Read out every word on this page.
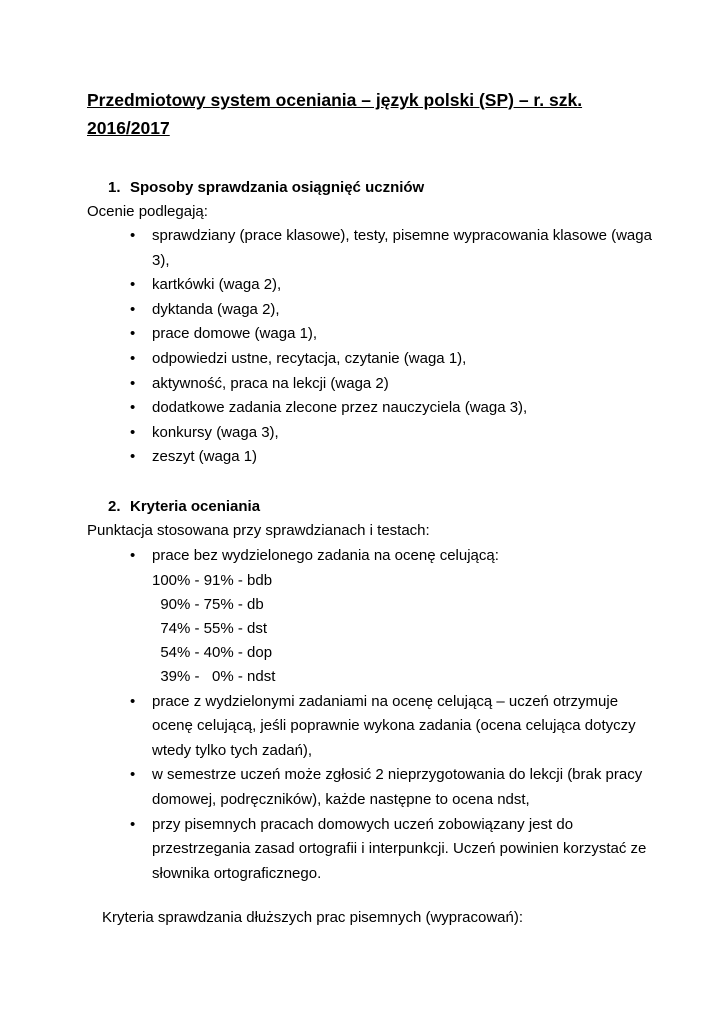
Przedmiotowy system oceniania – język polski (SP) – r. szk. 2016/2017
1. Sposoby sprawdzania osiągnięć uczniów
Ocenie podlegają:
• sprawdziany (prace klasowe), testy, pisemne wypracowania klasowe (waga 3),
• kartkówki (waga 2),
• dyktanda (waga 2),
• prace domowe (waga 1),
• odpowiedzi ustne, recytacja, czytanie (waga 1),
• aktywność, praca na lekcji (waga 2)
• dodatkowe zadania zlecone przez nauczyciela (waga 3),
• konkursy (waga 3),
• zeszyt (waga 1)
2. Kryteria oceniania
Punktacja stosowana przy sprawdzianach i testach:
• prace bez wydzielonego zadania na ocenę celującą:
100% - 91% - bdb
90% - 75% - db
74% - 55% - dst
54% - 40% - dop
39% -   0% - ndst
• prace z wydzielonymi zadaniami na ocenę celującą – uczeń otrzymuje ocenę celującą, jeśli poprawnie wykona zadania (ocena celująca dotyczy wtedy tylko tych zadań),
• w semestrze uczeń może zgłosić 2 nieprzygotowania do lekcji (brak pracy domowej, podręczników), każde następne to ocena ndst,
• przy pisemnych pracach domowych uczeń zobowiązany jest do przestrzegania zasad ortografii i interpunkcji. Uczeń powinien korzystać ze słownika ortograficznego.
Kryteria sprawdzania dłuższych prac pisemnych (wypracowań):
